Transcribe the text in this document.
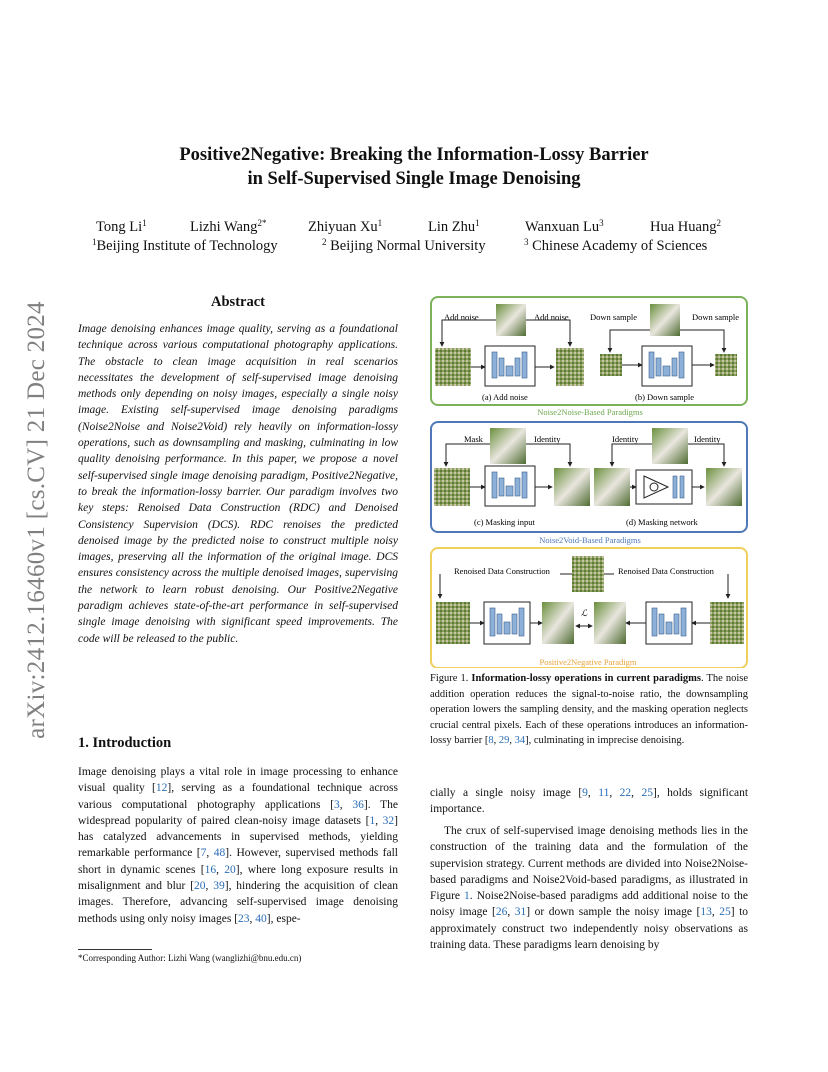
arXiv:2412.16460v1 [cs.CV] 21 Dec 2024
Positive2Negative: Breaking the Information-Lossy Barrier
in Self-Supervised Single Image Denoising
Tong Li$^1$	Lizhi Wang$^{2*}$	Zhiyuan Xu$^1$	Lin Zhu$^1$	Wanxuan Lu$^3$	Hua Huang$^2$
$^1$Beijing Institute of Technology	$^2$ Beijing Normal University	$^3$ Chinese Academy of Sciences
Abstract
Image denoising enhances image quality, serving as a foundational technique across various computational photography applications. The obstacle to clean image acquisition in real scenarios necessitates the development of self-supervised image denoising methods only depending on noisy images, especially a single noisy image. Existing self-supervised image denoising paradigms (Noise2Noise and Noise2Void) rely heavily on information-lossy operations, such as downsampling and masking, culminating in low quality denoising performance. In this paper, we propose a novel self-supervised single image denoising paradigm, Positive2Negative, to break the information-lossy barrier. Our paradigm involves two key steps: Renoised Data Construction (RDC) and Denoised Consistency Supervision (DCS). RDC renoises the predicted denoised image by the predicted noise to construct multiple noisy images, preserving all the information of the original image. DCS ensures consistency across the multiple denoised images, supervising the network to learn robust denoising. Our Positive2Negative paradigm achieves state-of-the-art performance in self-supervised single image denoising with significant speed improvements. The code will be released to the public.
1. Introduction
Image denoising plays a vital role in image processing to enhance visual quality [12], serving as a foundational technique across various computational photography applications [3, 36]. The widespread popularity of paired clean-noisy image datasets [1, 32] has catalyzed advancements in supervised methods, yielding remarkable performance [7, 48]. However, supervised methods fall short in dynamic scenes [16, 20], where long exposure results in misalignment and blur [20, 39], hindering the acquisition of clean images. Therefore, advancing self-supervised image denoising methods using only noisy images [23, 40], espe-
*Corresponding Author: Lizhi Wang (wanglizhi@bnu.edu.cn)
Add noise	Add noise
(a) Add noise
Down sample	Down sample
(b) Down sample
Noise2Noise-Based Paradigms
Mask	Identity
(c) Masking input
Identity	Identity
(d) Masking network
Noise2Void-Based Paradigms
Renoised Data Construction	Renoised Data Construction
ℒ
Positive2Negative Paradigm
Figure 1. Information-lossy operations in current paradigms. The noise addition operation reduces the signal-to-noise ratio, the downsampling operation lowers the sampling density, and the masking operation neglects crucial central pixels. Each of these operations introduces an information-lossy barrier [8, 29, 34], culminating in imprecise denoising.
cially a single noisy image [9, 11, 22, 25], holds significant importance.
The crux of self-supervised image denoising methods lies in the construction of the training data and the formulation of the supervision strategy. Current methods are divided into Noise2Noise-based paradigms and Noise2Void-based paradigms, as illustrated in Figure 1. Noise2Noise-based paradigms add additional noise to the noisy image [26, 31] or down sample the noisy image [13, 25] to approximately construct two independently noisy observations as training data. These paradigms learn denoising by
